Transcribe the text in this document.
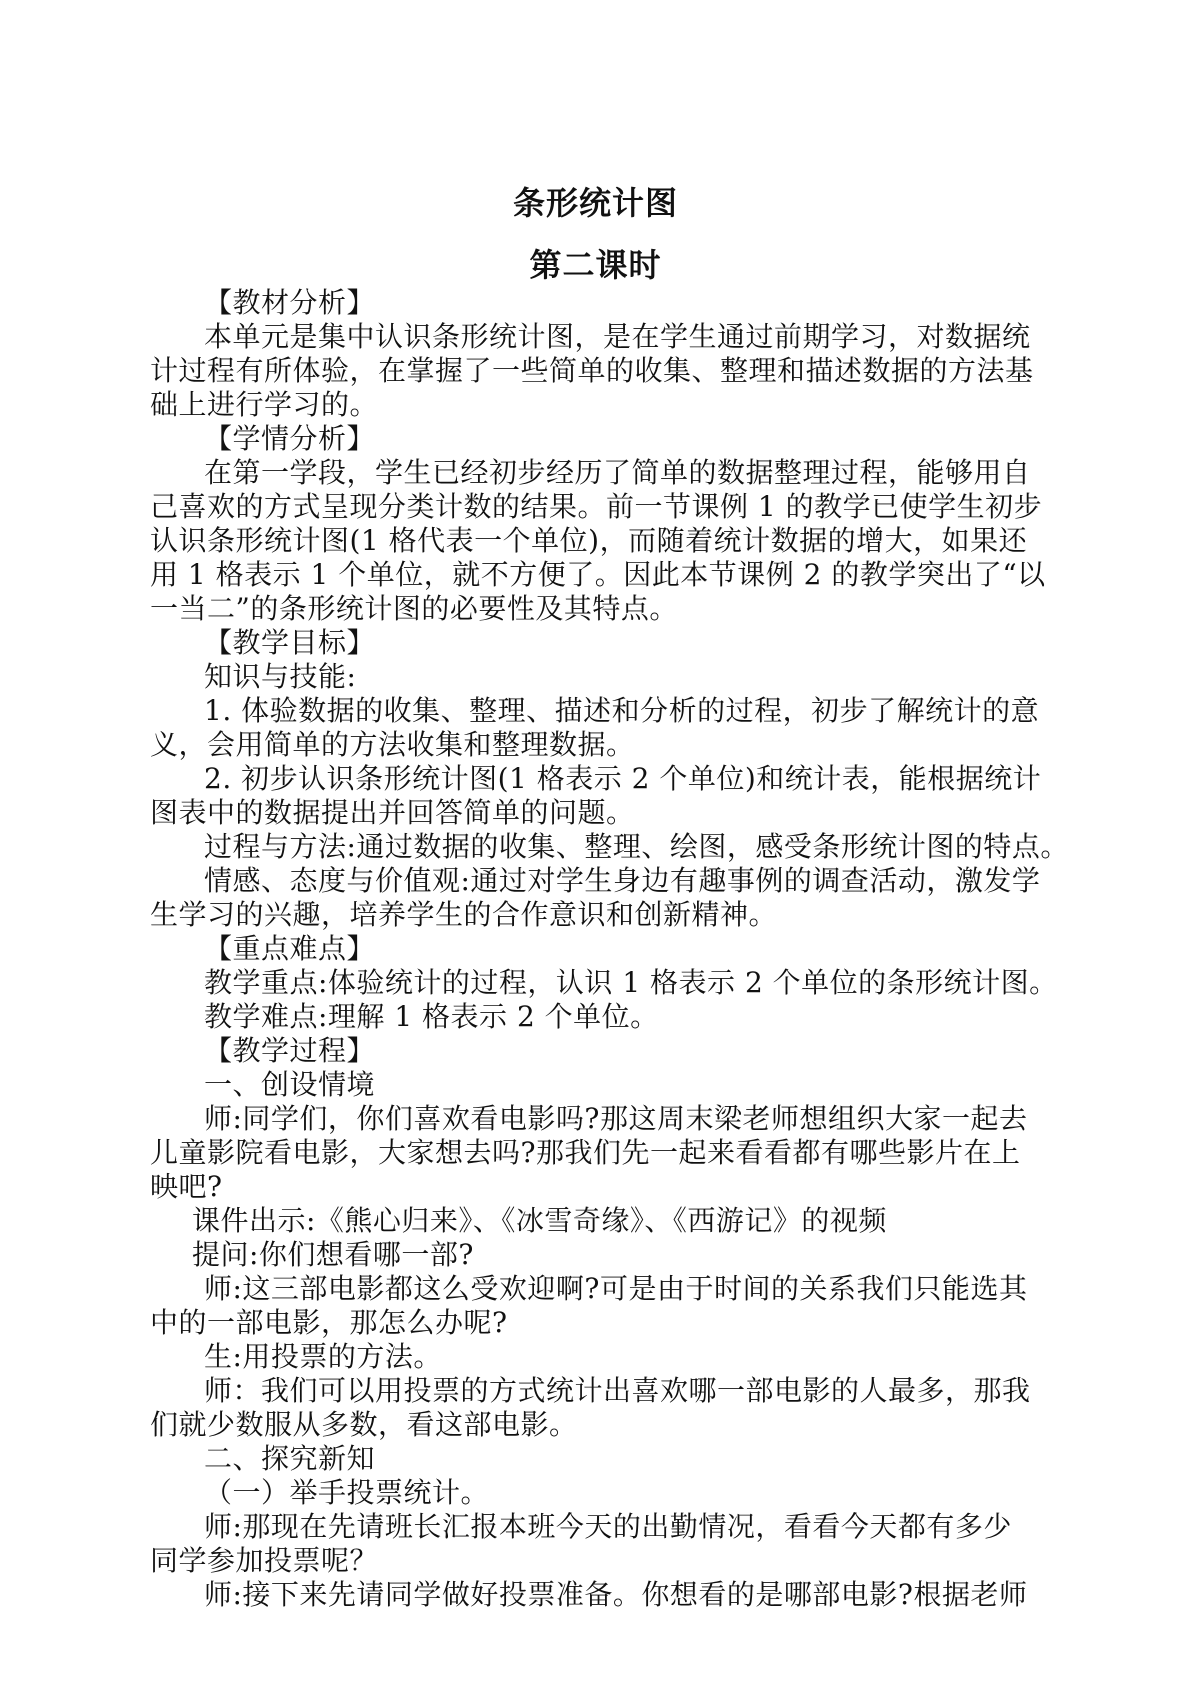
条形统计图
第二课时
【教材分析】
本单元是集中认识条形统计图，是在学生通过前期学习，对数据统
计过程有所体验，在掌握了一些简单的收集、整理和描述数据的方法基
础上进行学习的。
【学情分析】
在第一学段，学生已经初步经历了简单的数据整理过程，能够用自
己喜欢的方式呈现分类计数的结果。前一节课例 1 的教学已使学生初步
认识条形统计图(1 格代表一个单位)，而随着统计数据的增大，如果还
用 1 格表示 1 个单位，就不方便了。因此本节课例 2 的教学突出了“以
一当二”的条形统计图的必要性及其特点。
【教学目标】
知识与技能:
1. 体验数据的收集、整理、描述和分析的过程，初步了解统计的意
义，会用简单的方法收集和整理数据。
2. 初步认识条形统计图(1 格表示 2 个单位)和统计表，能根据统计
图表中的数据提出并回答简单的问题。
过程与方法:通过数据的收集、整理、绘图，感受条形统计图的特点。
情感、态度与价值观:通过对学生身边有趣事例的调查活动，激发学
生学习的兴趣，培养学生的合作意识和创新精神。
【重点难点】
教学重点:体验统计的过程，认识 1 格表示 2 个单位的条形统计图。
教学难点:理解 1 格表示 2 个单位。
【教学过程】
一、创设情境
师:同学们，你们喜欢看电影吗?那这周末梁老师想组织大家一起去
儿童影院看电影，大家想去吗?那我们先一起来看看都有哪些影片在上
映吧?
课件出示:《熊心归来》、《冰雪奇缘》、《西游记》的视频
提问:你们想看哪一部?
师:这三部电影都这么受欢迎啊?可是由于时间的关系我们只能选其
中的一部电影，那怎么办呢?
生:用投票的方法。
师：我们可以用投票的方式统计出喜欢哪一部电影的人最多，那我
们就少数服从多数，看这部电影。
二、探究新知
（一）举手投票统计。
师:那现在先请班长汇报本班今天的出勤情况，看看今天都有多少
同学参加投票呢？
师:接下来先请同学做好投票准备。你想看的是哪部电影?根据老师
